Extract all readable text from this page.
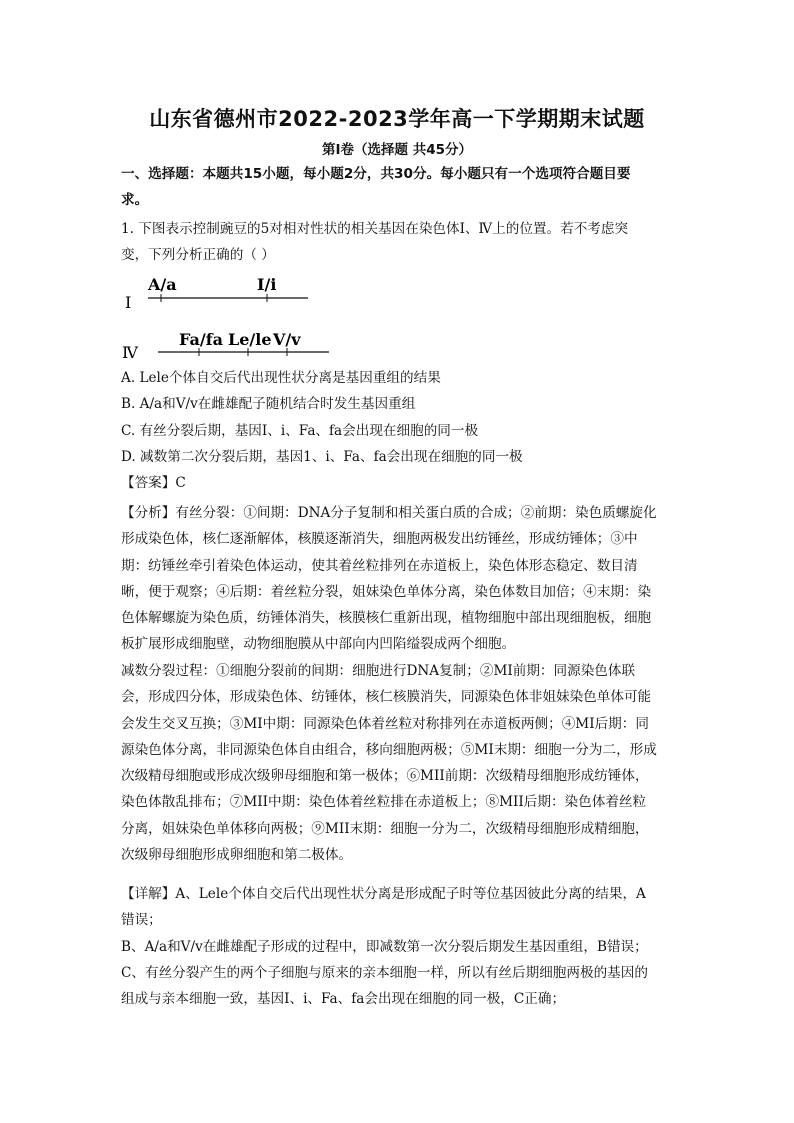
山东省德州市2022-2023学年高一下学期期末试题
第Ⅰ卷（选择题 共45分）
一、选择题：本题共15小题，每小题2分，共30分。每小题只有一个选项符合题目要
求。
1. 下图表示控制豌豆的5对相对性状的相关基因在染色体Ⅰ、Ⅳ上的位置。若不考虑突
变，下列分析正确的（ ）
Ⅰ
A/a	I/i
Ⅳ
Fa/fa Le/le V/v
A. Lele个体自交后代出现性状分离是基因重组的结果
B. A/a和V/v在雌雄配子随机结合时发生基因重组
C. 有丝分裂后期，基因I、i、Fa、fa会出现在细胞的同一极
D. 减数第二次分裂后期，基因1、i、Fa、fa会出现在细胞的同一极
【答案】C
【分析】有丝分裂：①间期：DNA分子复制和相关蛋白质的合成；②前期：染色质螺旋化
形成染色体，核仁逐渐解体，核膜逐渐消失，细胞两极发出纺锤丝，形成纺锤体；③中
期：纺锤丝牵引着染色体运动，使其着丝粒排列在赤道板上，染色体形态稳定、数目清
晰，便于观察；④后期：着丝粒分裂，姐妹染色单体分离，染色体数目加倍；④末期：染
色体解螺旋为染色质，纺锤体消失，核膜核仁重新出现，植物细胞中部出现细胞板，细胞
板扩展形成细胞壁，动物细胞膜从中部向内凹陷缢裂成两个细胞。
减数分裂过程：①细胞分裂前的间期：细胞进行DNA复制；②MI前期：同源染色体联
会，形成四分体，形成染色体、纺锤体，核仁核膜消失，同源染色体非姐妹染色单体可能
会发生交叉互换；③MI中期：同源染色体着丝粒对称排列在赤道板两侧；④MI后期：同
源染色体分离，非同源染色体自由组合，移向细胞两极；⑤MI末期：细胞一分为二，形成
次级精母细胞或形成次级卵母细胞和第一极体；⑥MII前期：次级精母细胞形成纺锤体，
染色体散乱排布；⑦MII中期：染色体着丝粒排在赤道板上；⑧MII后期：染色体着丝粒
分离，姐妹染色单体移向两极；⑨MII末期：细胞一分为二，次级精母细胞形成精细胞，
次级卵母细胞形成卵细胞和第二极体。
【详解】A、Lele个体自交后代出现性状分离是形成配子时等位基因彼此分离的结果，A
错误；
B、A/a和V/v在雌雄配子形成的过程中，即减数第一次分裂后期发生基因重组，B错误；
C、有丝分裂产生的两个子细胞与原来的亲本细胞一样，所以有丝后期细胞两极的基因的
组成与亲本细胞一致，基因I、i、Fa、fa会出现在细胞的同一极，C正确；
